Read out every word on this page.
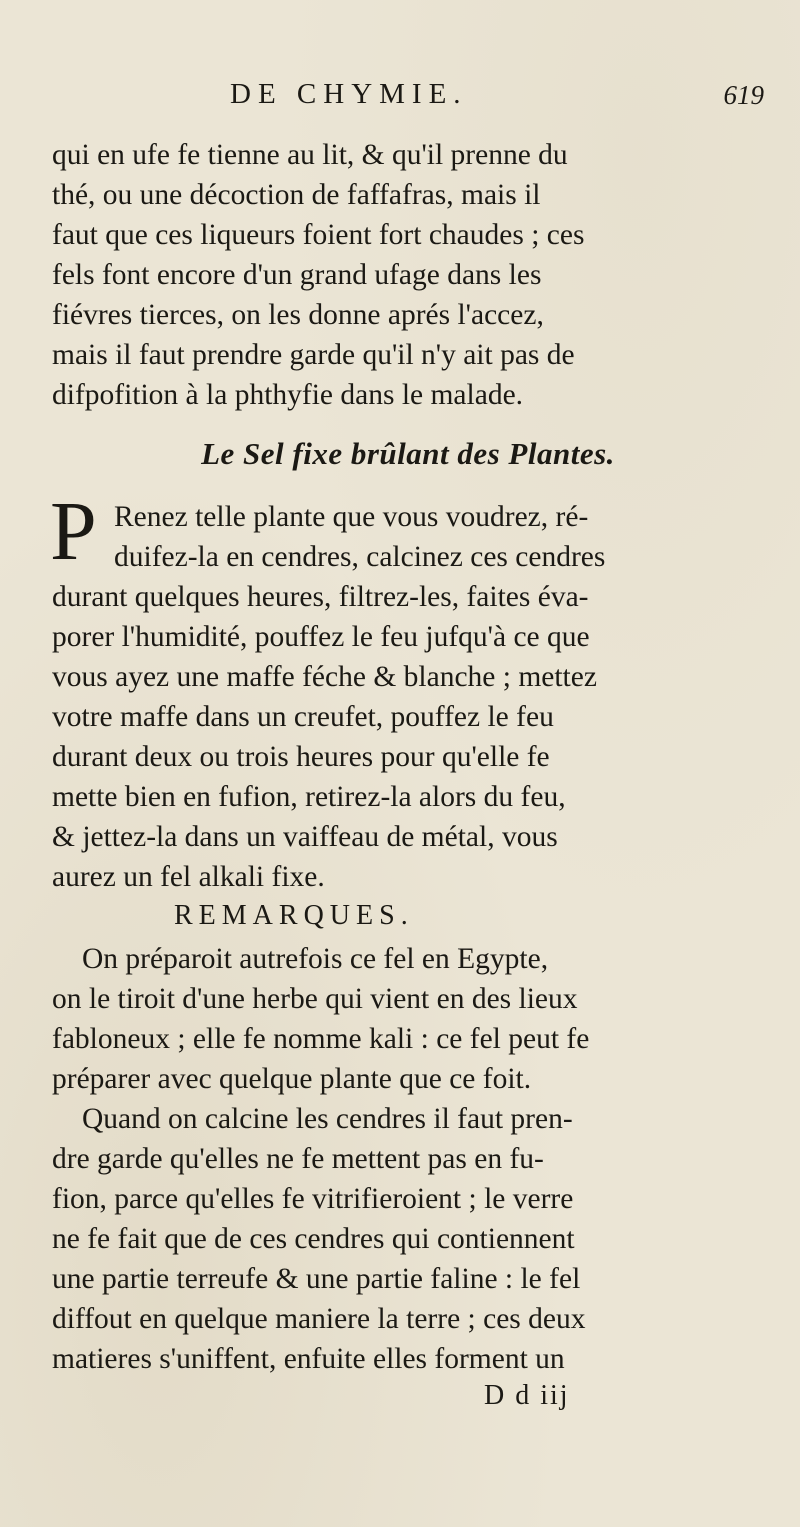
DE CHYMIE.	619
qui en ufe fe tienne au lit, & qu'il prenne du
thé, ou une décoction de faffafras, mais il
faut que ces liqueurs foient fort chaudes ; ces
fels font encore d'un grand ufage dans les
fiévres tierces, on les donne aprés l'accez,
mais il faut prendre garde qu'il n'y ait pas de
difpofition à la phthyfie dans le malade.
Le Sel fixe brûlant des Plantes.
P Renez telle plante que vous voudrez, ré-
duifez-la en cendres, calcinez ces cendres
durant quelques heures, filtrez-les, faites éva-
porer l'humidité, pouffez le feu jufqu'à ce que
vous ayez une maffe féche & blanche ; mettez
votre maffe dans un creufet, pouffez le feu
durant deux ou trois heures pour qu'elle fe
mette bien en fufion, retirez-la alors du feu,
& jettez-la dans un vaiffeau de métal, vous
aurez un fel alkali fixe.
REMARQUES.
On préparoit autrefois ce fel en Egypte,
on le tiroit d'une herbe qui vient en des lieux
fabloneux ; elle fe nomme kali : ce fel peut fe
préparer avec quelque plante que ce foit.
Quand on calcine les cendres il faut pren-
dre garde qu'elles ne fe mettent pas en fu-
fion, parce qu'elles fe vitrifieroient ; le verre
ne fe fait que de ces cendres qui contiennent
une partie terreufe & une partie faline : le fel
diffout en quelque maniere la terre ; ces deux
matieres s'uniffent, enfuite elles forment un
D d iij
